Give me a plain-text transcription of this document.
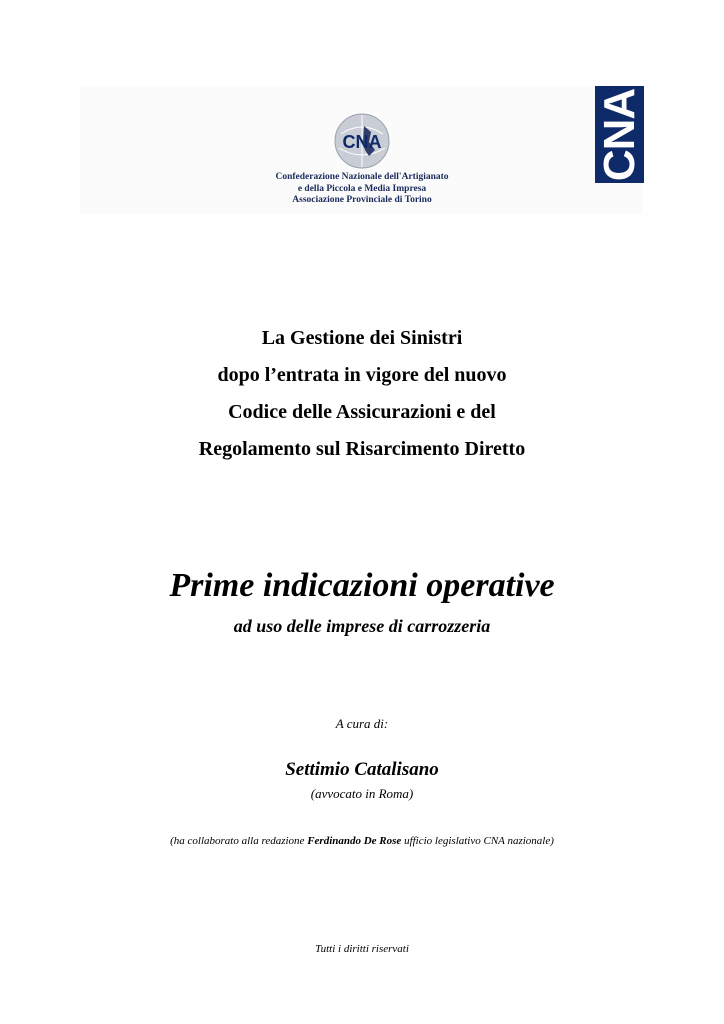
CNA
Confederazione Nazionale dell'Artigianato
e della Piccola e Media Impresa
Associazione Provinciale di Torino
CNA
La Gestione dei Sinistri
dopo l’entrata in vigore del nuovo
Codice delle Assicurazioni e del
Regolamento sul Risarcimento Diretto
Prime indicazioni operative
ad uso delle imprese di carrozzeria
A cura di:
Settimio Catalisano
(avvocato in Roma)
(ha collaborato alla redazione Ferdinando De Rose ufficio legislativo CNA nazionale)
Tutti i diritti riservati
